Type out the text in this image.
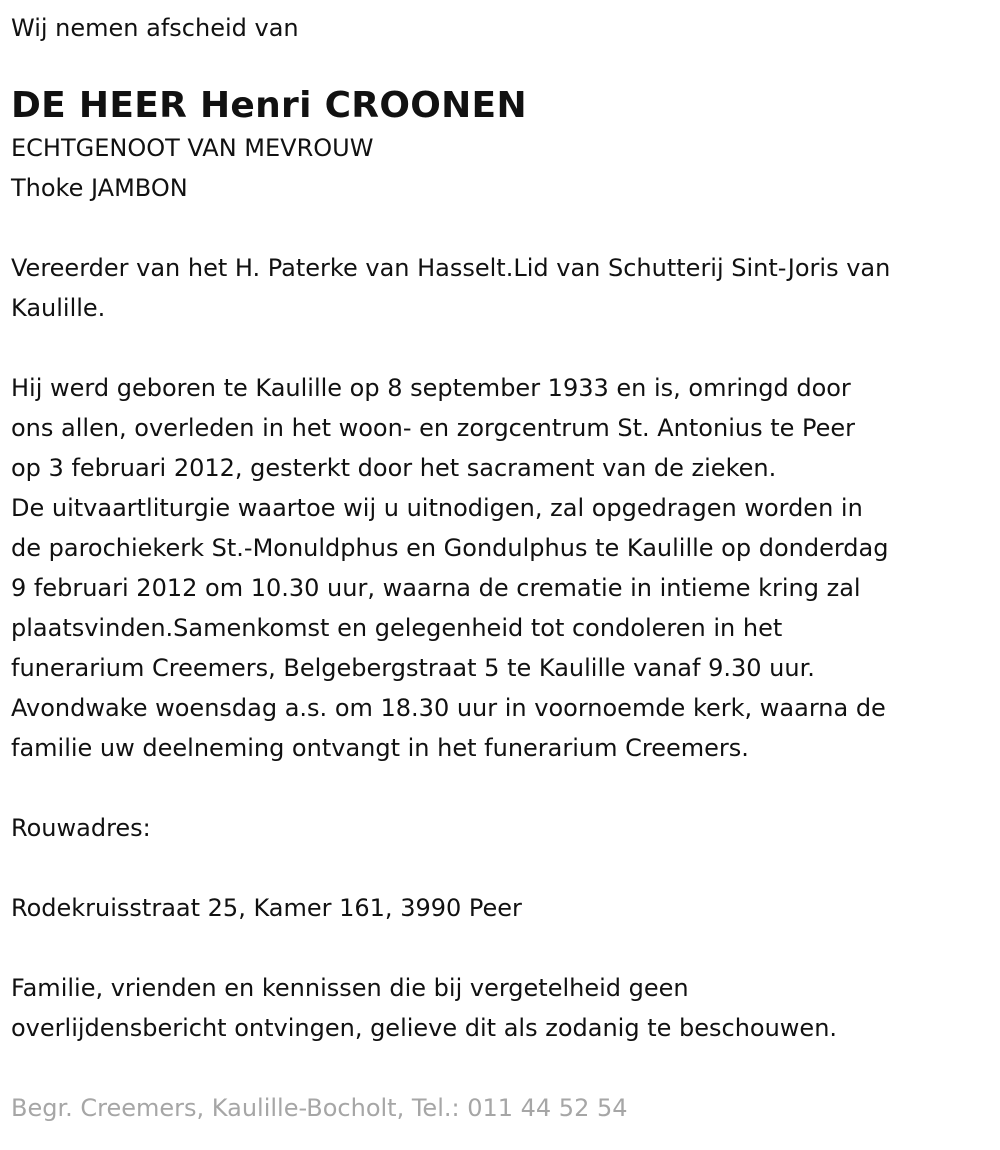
Wij nemen afscheid van

DE HEER Henri CROONEN

ECHTGENOOT VAN MEVROUW

Thoke JAMBON

Vereerder van het H. Paterke van Hasselt.Lid van Schutterij Sint-Joris van

Kaulille.

Hij werd geboren te Kaulille op 8 september 1933 en is, omringd door

ons allen, overleden in het woon- en zorgcentrum St. Antonius te Peer

op 3 februari 2012, gesterkt door het sacrament van de zieken.

De uitvaartliturgie waartoe wij u uitnodigen, zal opgedragen worden in

de parochiekerk St.-Monuldphus en Gondulphus te Kaulille op donderdag

9 februari 2012 om 10.30 uur, waarna de crematie in intieme kring zal

plaatsvinden.Samenkomst en gelegenheid tot condoleren in het

funerarium Creemers, Belgebergstraat 5 te Kaulille vanaf 9.30 uur.

Avondwake woensdag a.s. om 18.30 uur in voornoemde kerk, waarna de

familie uw deelneming ontvangt in het funerarium Creemers.

Rouwadres:

Rodekruisstraat 25, Kamer 161, 3990 Peer

Familie, vrienden en kennissen die bij vergetelheid geen

overlijdensbericht ontvingen, gelieve dit als zodanig te beschouwen.

Begr. Creemers, Kaulille-Bocholt, Tel.: 011 44 52 54
